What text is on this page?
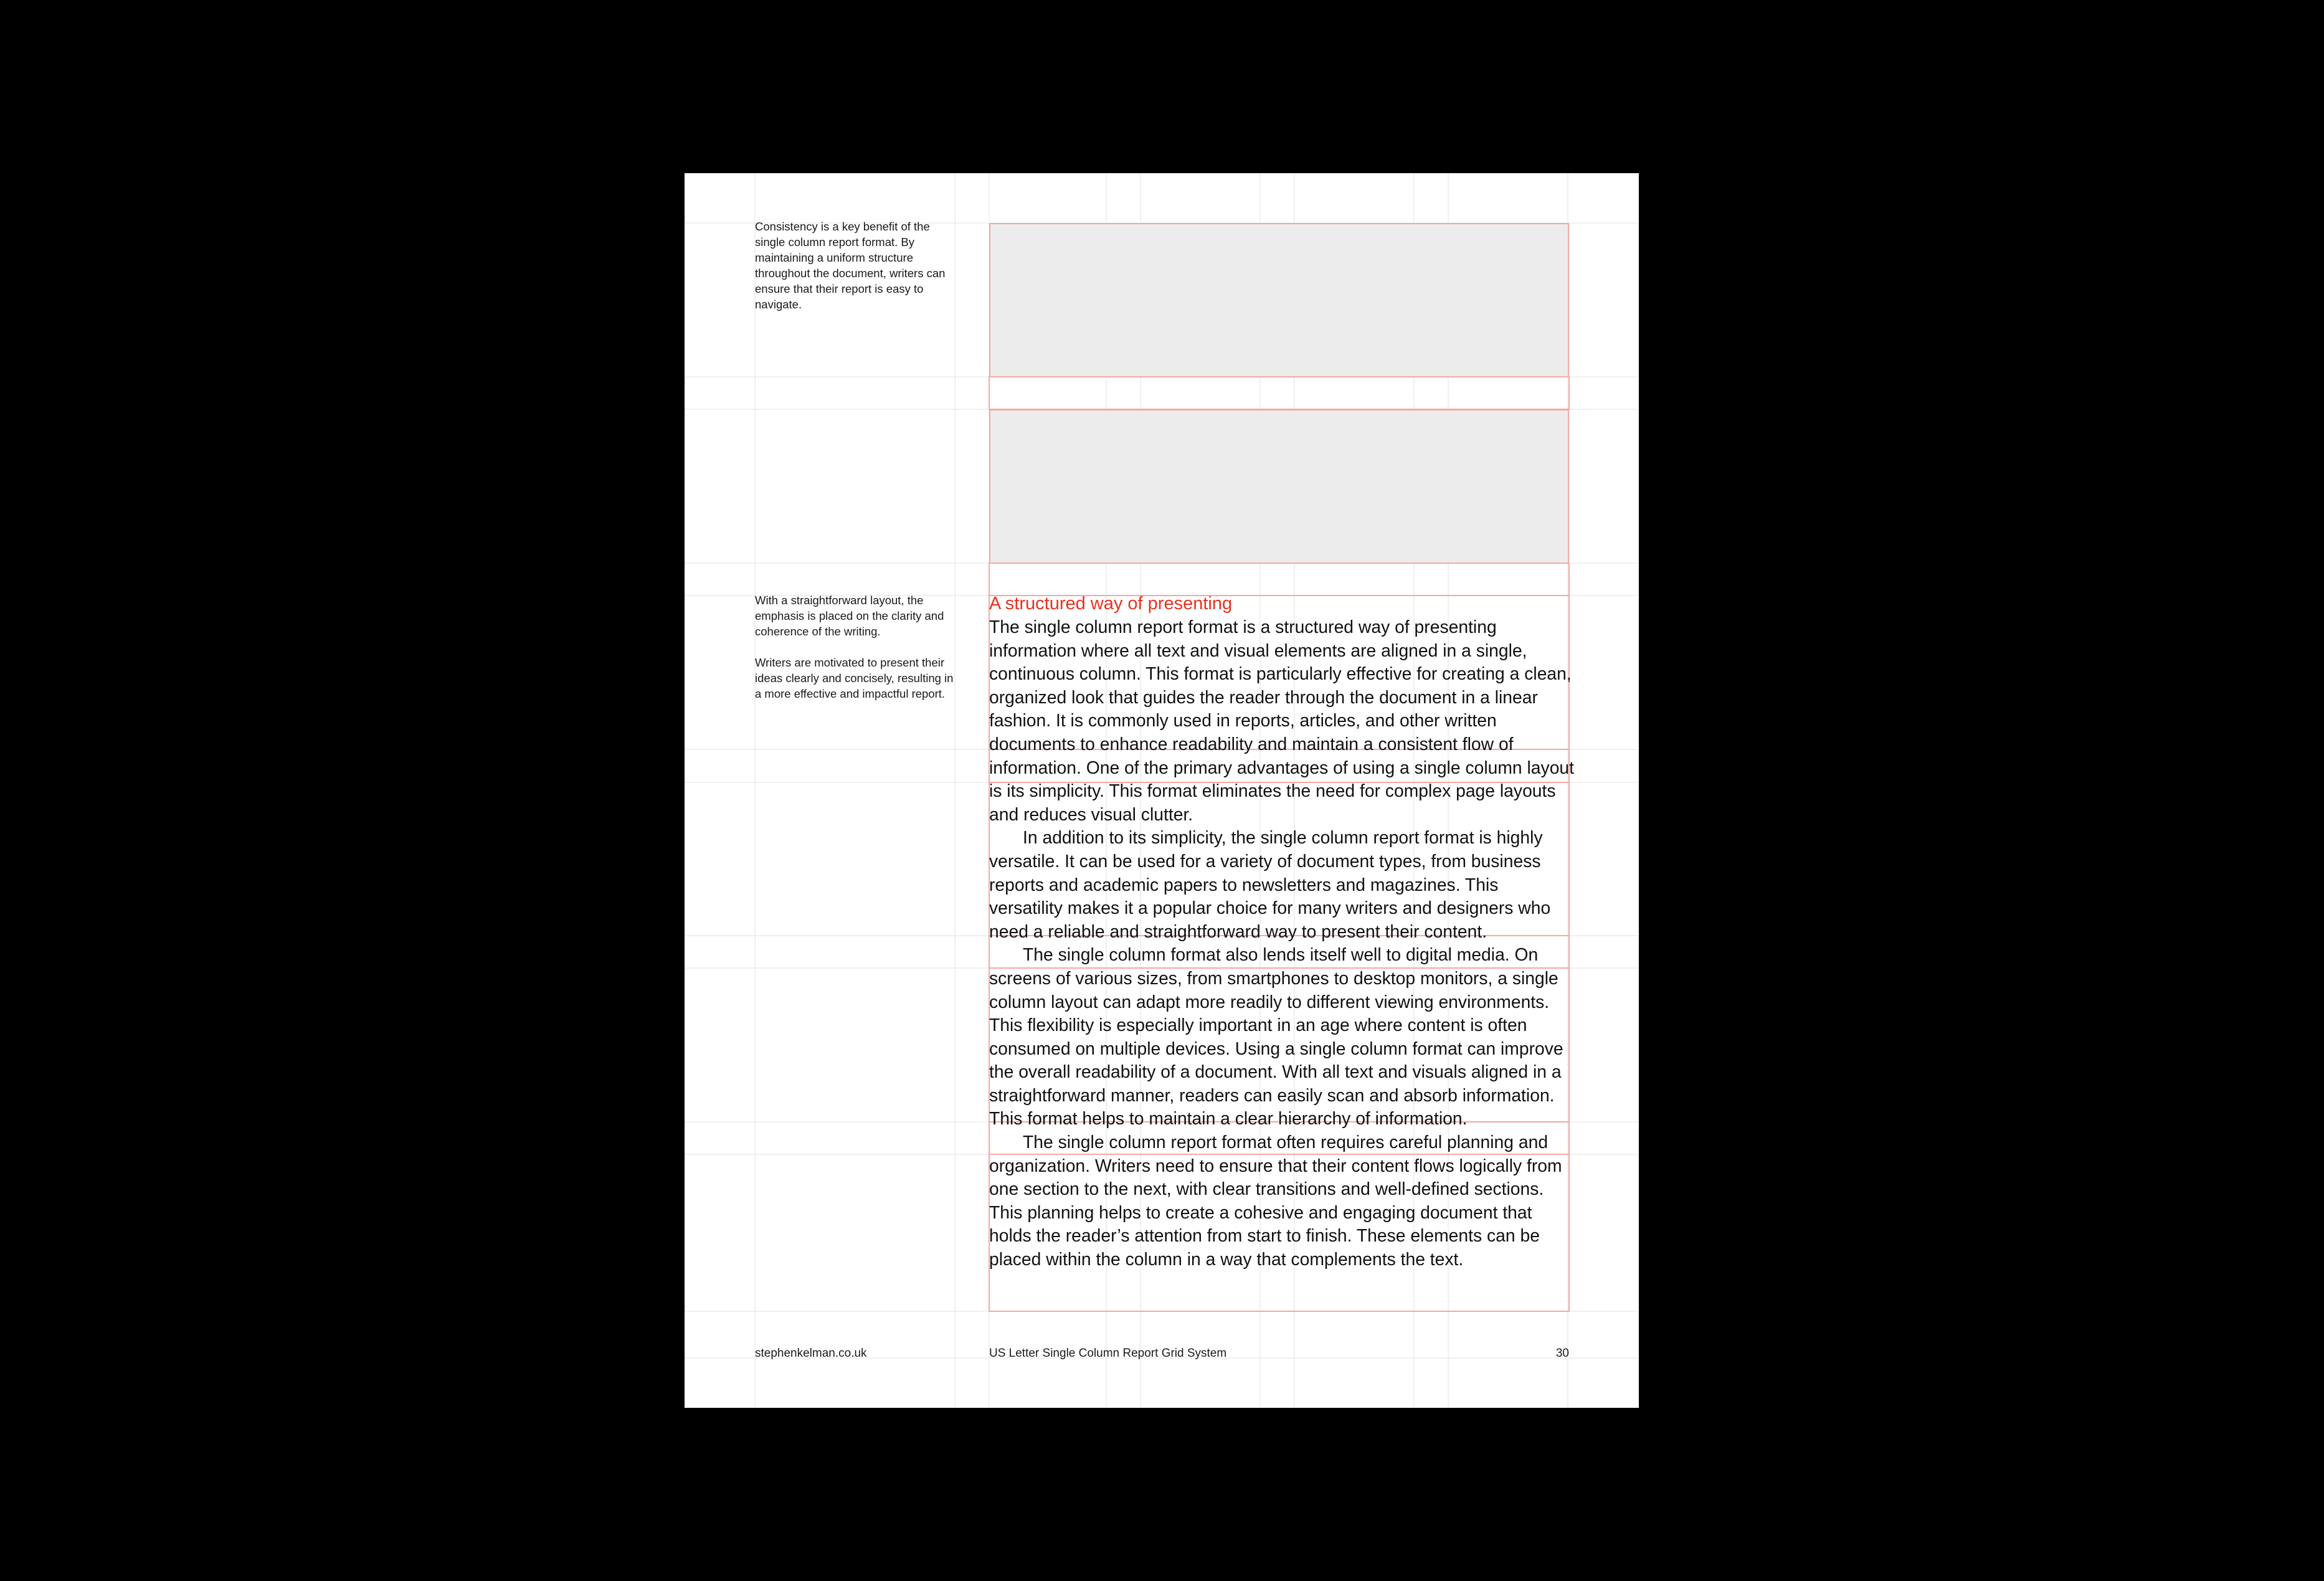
Consistency is a key benefit of the single column report format. By maintaining a uniform structure throughout the document, writers can ensure that their report is easy to navigate.

With a straightforward layout, the emphasis is placed on the clarity and coherence of the writing.

Writers are motivated to present their ideas clearly and concisely, resulting in a more effective and impactful report.

A structured way of presenting

The single column report format is a structured way of presenting information where all text and visual elements are aligned in a single, continuous column. This format is particularly effective for creating a clean, organized look that guides the reader through the document in a linear fashion. It is commonly used in reports, articles, and other written documents to enhance readability and maintain a consistent flow of information. One of the primary advantages of using a single column layout is its simplicity. This format eliminates the need for complex page layouts and reduces visual clutter.

In addition to its simplicity, the single column report format is highly versatile. It can be used for a variety of document types, from business reports and academic papers to newsletters and magazines. This versatility makes it a popular choice for many writers and designers who need a reliable and straightforward way to present their content.

The single column format also lends itself well to digital media. On screens of various sizes, from smartphones to desktop monitors, a single column layout can adapt more readily to different viewing environments. This flexibility is especially important in an age where content is often consumed on multiple devices. Using a single column format can improve the overall readability of a document. With all text and visuals aligned in a straightforward manner, readers can easily scan and absorb information. This format helps to maintain a clear hierarchy of information.

The single column report format often requires careful planning and organization. Writers need to ensure that their content flows logically from one section to the next, with clear transitions and well-defined sections. This planning helps to create a cohesive and engaging document that holds the reader’s attention from start to finish. These elements can be placed within the column in a way that complements the text.

stephenkelman.co.uk	US Letter Single Column Report Grid System	30
